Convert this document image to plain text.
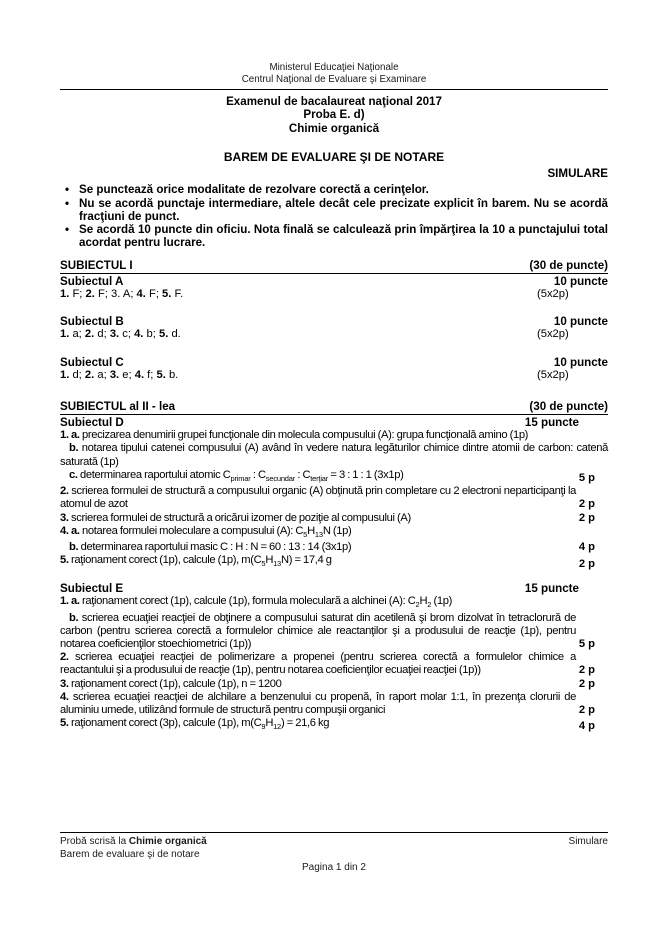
Ministerul Educaţiei Naţionale
Centrul Naţional de Evaluare şi Examinare
Examenul de bacalaureat naţional 2017
Proba E. d)
Chimie organică
BAREM DE EVALUARE ŞI DE NOTARE
SIMULARE
• Se punctează orice modalitate de rezolvare corectă a cerinţelor.
• Nu se acordă punctaje intermediare, altele decât cele precizate explicit în barem. Nu se acordă fracţiuni de punct.
• Se acordă 10 puncte din oficiu. Nota finală se calculează prin împărţirea la 10 a punctajului total acordat pentru lucrare.
SUBIECTUL I	(30 de puncte)
Subiectul A	10 puncte
1. F; 2. F; 3. A; 4. F; 5. F.	(5x2p)
Subiectul B	10 puncte
1. a; 2. d; 3. c; 4. b; 5. d.	(5x2p)
Subiectul C	10 puncte
1. d; 2. a; 3. e; 4. f; 5. b.	(5x2p)
SUBIECTUL al II - lea	(30 de puncte)
Subiectul D	15 puncte
1. a. precizarea denumirii grupei funcţionale din molecula compusului (A): grupa funcţională amino (1p)
b. notarea tipului catenei compusului (A) având în vedere natura legăturilor chimice dintre atomii de carbon: catenă saturată (1p)
c. determinarea raportului atomic $C_{primar}$ : $C_{secundar}$ : $C_{terţiar} = 3$ : 1 : 1 (3x1p)	5 p
2. scrierea formulei de structură a compusului organic (A) obţinută prin completare cu 2 electroni neparticipanţi la atomul de azot	2 p
3. scrierea formulei de structură a oricărui izomer de poziţie al compusului (A)	2 p
4. a. notarea formulei moleculare a compusului (A): $C_5H_{13}N$ (1p)
b. determinarea raportului masic C : H : N = 60 : 13 : 14 (3x1p)	4 p
5. raţionament corect (1p), calcule (1p), $m(C_5H_{13}N) = 17,4$ g	2 p
Subiectul E	15 puncte
1. a. raţionament corect (1p), calcule (1p), formula moleculară a alchinei (A): $C_2H_2$ (1p)
b. scrierea ecuaţiei reacţiei de obţinere a compusului saturat din acetilenă şi brom dizolvat în tetraclorură de carbon (pentru scrierea corectă a formulelor chimice ale reactanţilor şi a produsului de reacţie (1p), pentru notarea coeficienţilor stoechiometrici (1p))	5 p
2. scrierea ecuaţiei reacţiei de polimerizare a propenei (pentru scrierea corectă a formulelor chimice a reactantului şi a produsului de reacţie (1p), pentru notarea coeficienţilor ecuaţiei reacţiei (1p))	2 p
3. raţionament corect (1p), calcule (1p), n = 1200	2 p
4. scrierea ecuaţiei reacţiei de alchilare a benzenului cu propenă, în raport molar 1:1, în prezenţa clorurii de aluminiu umede, utilizând formule de structură pentru compuşii organici	2 p
5. raţionament corect (3p), calcule (1p), $m(C_9H_{12}) = 21,6$ kg	4 p
Probă scrisă la Chimie organică	Simulare
Barem de evaluare şi de notare
Pagina 1 din 2
